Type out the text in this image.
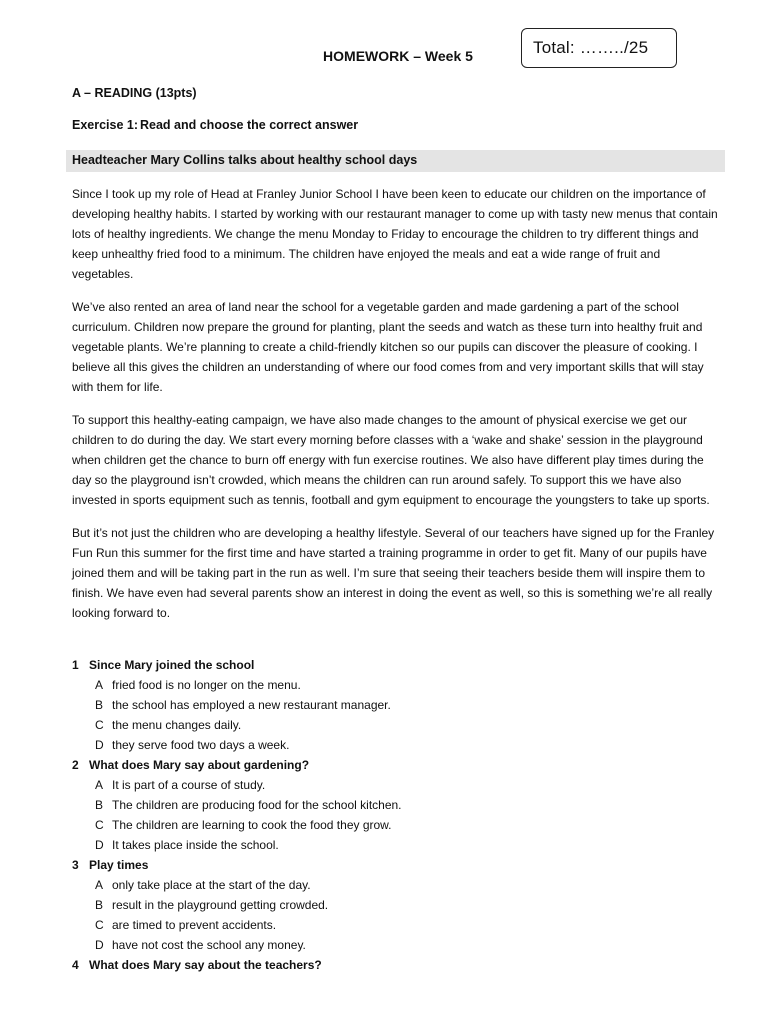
Total: ……../25
HOMEWORK – Week 5
A – READING (13pts)
Exercise 1: Read and choose the correct answer
Headteacher Mary Collins talks about healthy school days

Since I took up my role of Head at Franley Junior School I have been keen to educate our children on the importance of developing healthy habits. I started by working with our restaurant manager to come up with tasty new menus that contain lots of healthy ingredients. We change the menu Monday to Friday to encourage the children to try different things and keep unhealthy fried food to a minimum. The children have enjoyed the meals and eat a wide range of fruit and vegetables.

We’ve also rented an area of land near the school for a vegetable garden and made gardening a part of the school curriculum. Children now prepare the ground for planting, plant the seeds and watch as these turn into healthy fruit and vegetable plants. We’re planning to create a child-friendly kitchen so our pupils can discover the pleasure of cooking. I believe all this gives the children an understanding of where our food comes from and very important skills that will stay with them for life.

To support this healthy-eating campaign, we have also made changes to the amount of physical exercise we get our children to do during the day. We start every morning before classes with a ‘wake and shake’ session in the playground when children get the chance to burn off energy with fun exercise routines. We also have different play times during the day so the playground isn’t crowded, which means the children can run around safely. To support this we have also invested in sports equipment such as tennis, football and gym equipment to encourage the youngsters to take up sports.

But it’s not just the children who are developing a healthy lifestyle. Several of our teachers have signed up for the Franley Fun Run this summer for the first time and have started a training programme in order to get fit. Many of our pupils have joined them and will be taking part in the run as well. I’m sure that seeing their teachers beside them will inspire them to finish. We have even had several parents show an interest in doing the event as well, so this is something we’re all really looking forward to.

1 Since Mary joined the school
A fried food is no longer on the menu.
B the school has employed a new restaurant manager.
C the menu changes daily.
D they serve food two days a week.
2 What does Mary say about gardening?
A It is part of a course of study.
B The children are producing food for the school kitchen.
C The children are learning to cook the food they grow.
D It takes place inside the school.
3 Play times
A only take place at the start of the day.
B result in the playground getting crowded.
C are timed to prevent accidents.
D have not cost the school any money.
4 What does Mary say about the teachers?
